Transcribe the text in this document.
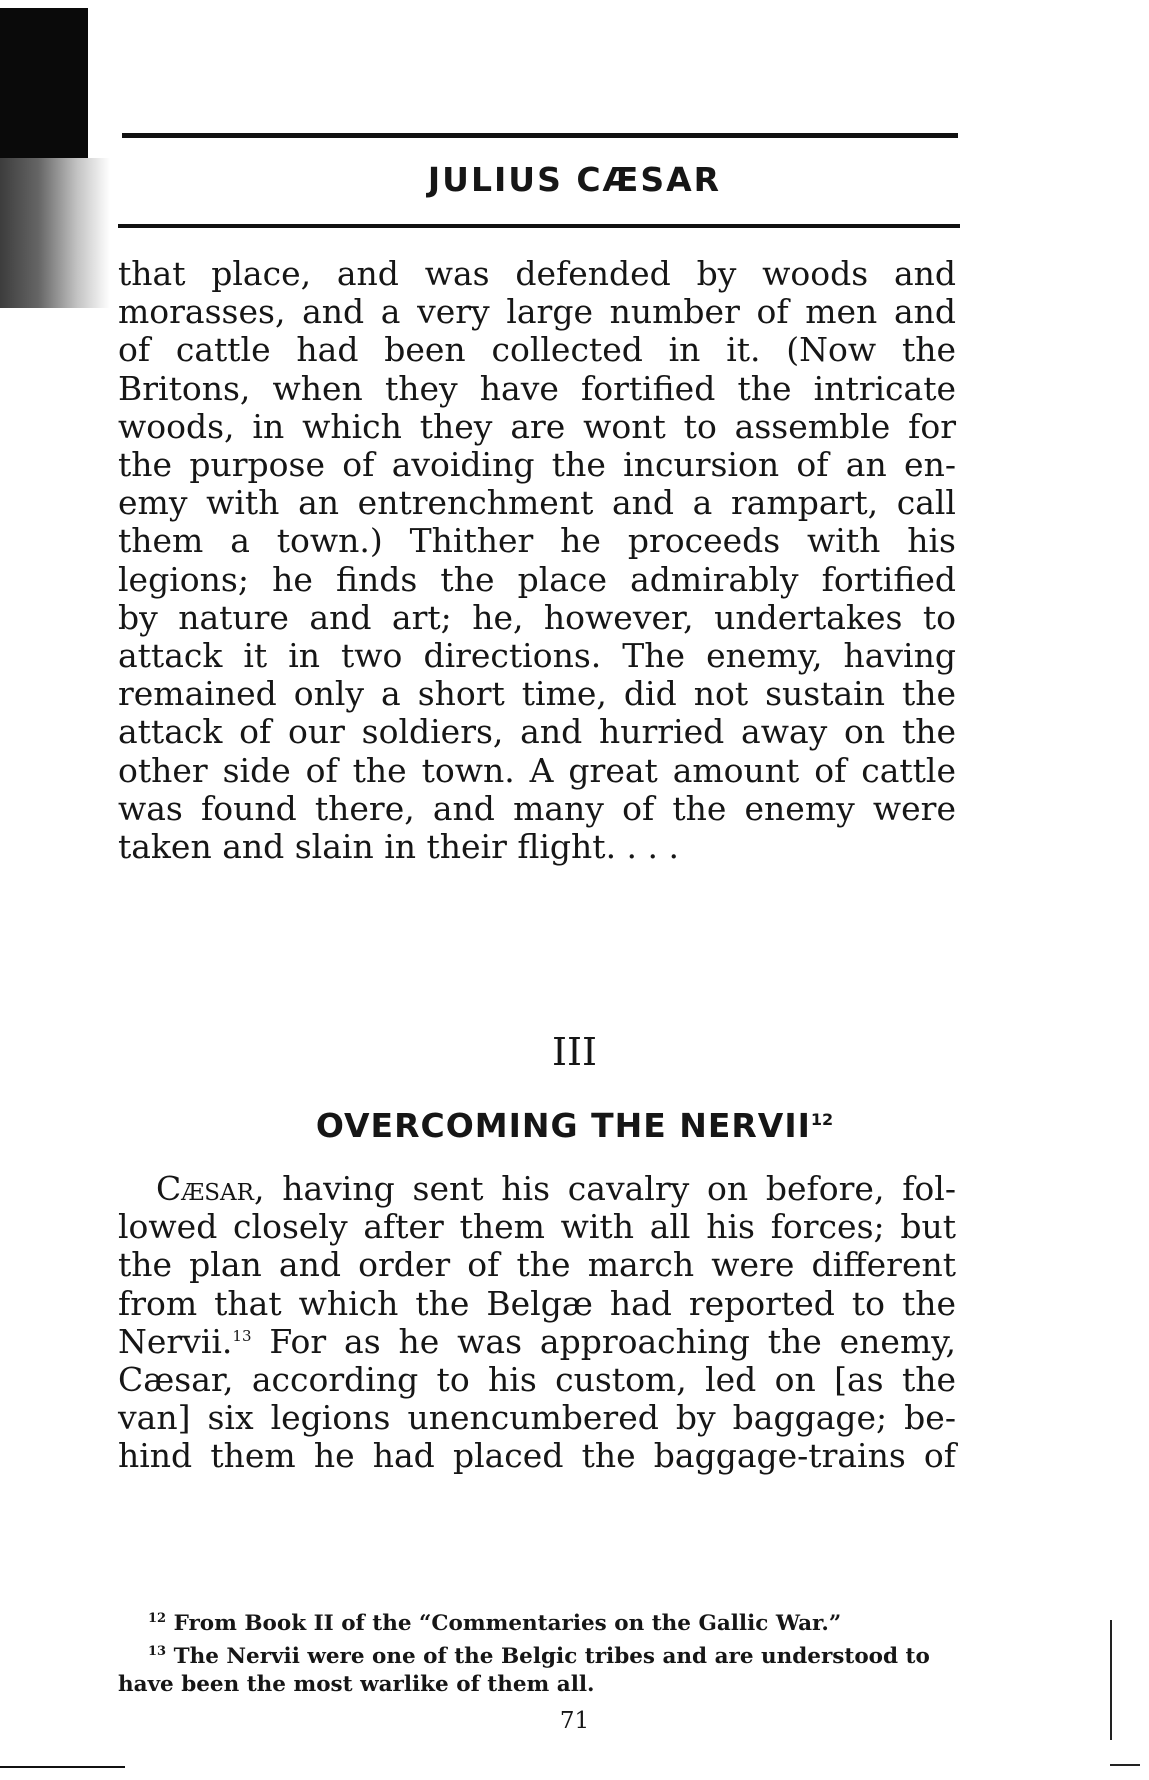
JULIUS CÆSAR
that place, and was defended by woods and
morasses, and a very large number of men and
of cattle had been collected in it. (Now the
Britons, when they have fortified the intricate
woods, in which they are wont to assemble for
the purpose of avoiding the incursion of an en-
emy with an entrenchment and a rampart, call
them a town.) Thither he proceeds with his
legions; he finds the place admirably fortified
by nature and art; he, however, undertakes to
attack it in two directions. The enemy, having
remained only a short time, did not sustain the
attack of our soldiers, and hurried away on the
other side of the town. A great amount of cattle
was found there, and many of the enemy were
taken and slain in their flight. . . .
III
OVERCOMING THE NERVII$^{12}$
Cæsar, having sent his cavalry on before, fol-
lowed closely after them with all his forces; but
the plan and order of the march were different
from that which the Belgæ had reported to the
Nervii.$^{13}$ For as he was approaching the enemy,
Cæsar, according to his custom, led on [as the
van] six legions unencumbered by baggage; be-
hind them he had placed the baggage-trains of
$^{12}$ From Book II of the “Commentaries on the Gallic War.”
$^{13}$ The Nervii were one of the Belgic tribes and are understood to have been the most warlike of them all.
71
